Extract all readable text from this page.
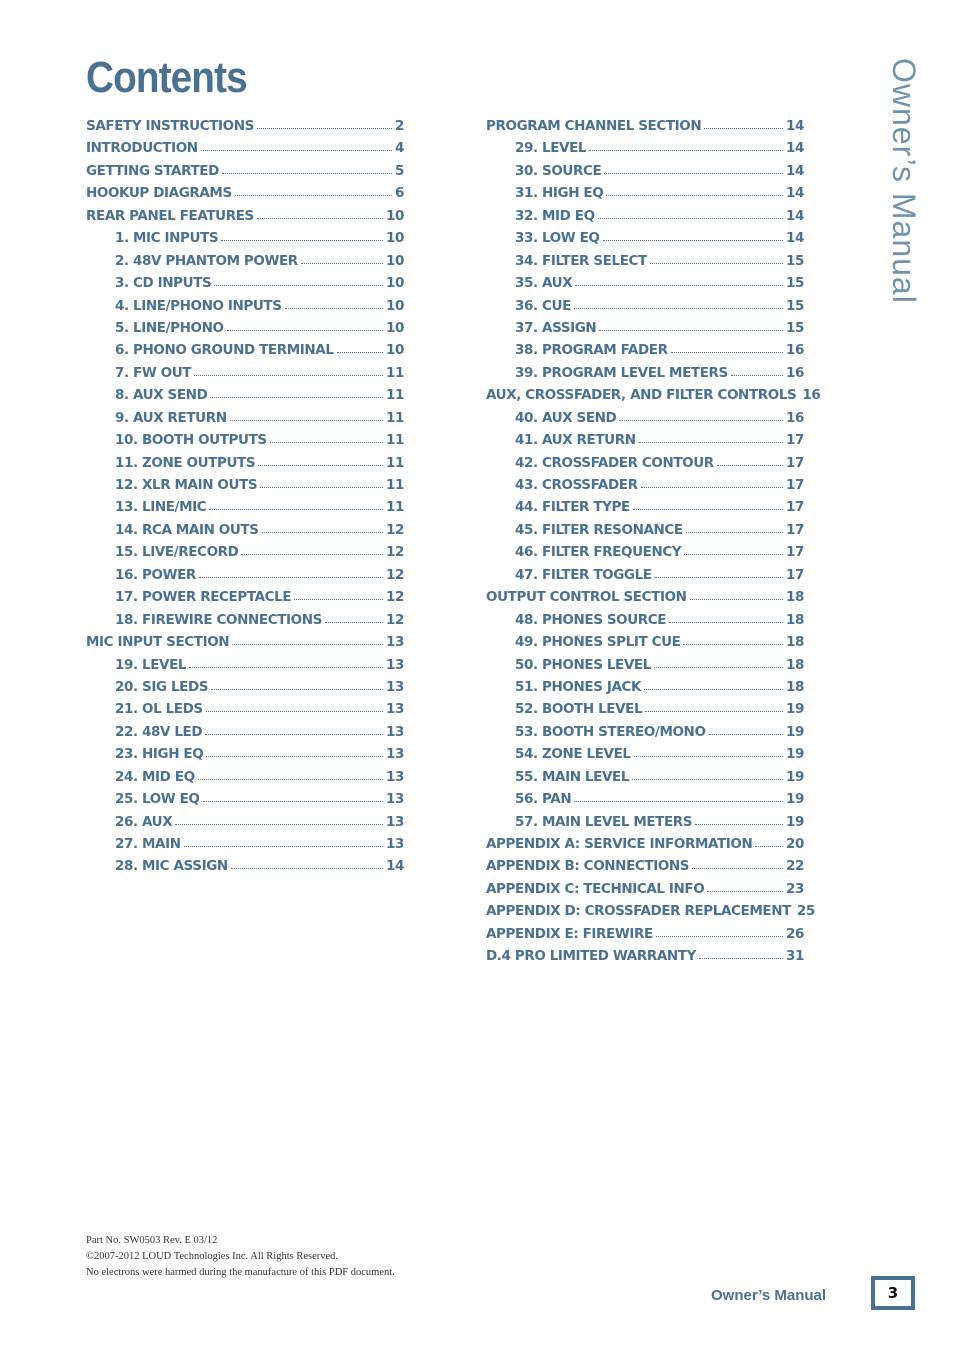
Contents	Owner’s Manual
SAFETY INSTRUCTIONS	2
INTRODUCTION	4
GETTING STARTED	5
HOOKUP DIAGRAMS	6
REAR PANEL FEATURES	10
1. MIC INPUTS	10
2. 48V PHANTOM POWER	10
3. CD INPUTS	10
4. LINE/PHONO INPUTS	10
5. LINE/PHONO	10
6. PHONO GROUND TERMINAL	10
7. FW OUT	11
8. AUX SEND	11
9. AUX RETURN	11
10. BOOTH OUTPUTS	11
11. ZONE OUTPUTS	11
12. XLR MAIN OUTS	11
13. LINE/MIC	11
14. RCA MAIN OUTS	12
15. LIVE/RECORD	12
16. POWER	12
17. POWER RECEPTACLE	12
18. FIREWIRE CONNECTIONS	12
MIC INPUT SECTION	13
19. LEVEL	13
20. SIG LEDS	13
21. OL LEDS	13
22. 48V LED	13
23. HIGH EQ	13
24. MID EQ	13
25. LOW EQ	13
26. AUX	13
27. MAIN	13
28. MIC ASSIGN	14
PROGRAM CHANNEL SECTION	14
29. LEVEL	14
30. SOURCE	14
31. HIGH EQ	14
32. MID EQ	14
33. LOW EQ	14
34. FILTER SELECT	15
35. AUX	15
36. CUE	15
37. ASSIGN	15
38. PROGRAM FADER	16
39. PROGRAM LEVEL METERS	16
AUX, CROSSFADER, AND FILTER CONTROLS 16
40. AUX SEND	16
41. AUX RETURN	17
42. CROSSFADER CONTOUR	17
43. CROSSFADER	17
44. FILTER TYPE	17
45. FILTER RESONANCE	17
46. FILTER FREQUENCY	17
47. FILTER TOGGLE	17
OUTPUT CONTROL SECTION	18
48. PHONES SOURCE	18
49. PHONES SPLIT CUE	18
50. PHONES LEVEL	18
51. PHONES JACK	18
52. BOOTH LEVEL	19
53. BOOTH STEREO/MONO	19
54. ZONE LEVEL	19
55. MAIN LEVEL	19
56. PAN	19
57. MAIN LEVEL METERS	19
APPENDIX A: SERVICE INFORMATION 20
APPENDIX B: CONNECTIONS	22
APPENDIX C: TECHNICAL INFO	23
APPENDIX D: CROSSFADER REPLACEMENT 25
APPENDIX E: FIREWIRE	26
D.4 PRO LIMITED WARRANTY	31
Part No. SW0503 Rev. E 03/12
©2007-2012 LOUD Technologies Inc. All Rights Reserved.
No electrons were harmed during the manufacture of this PDF document.
Owner’s Manual	3
